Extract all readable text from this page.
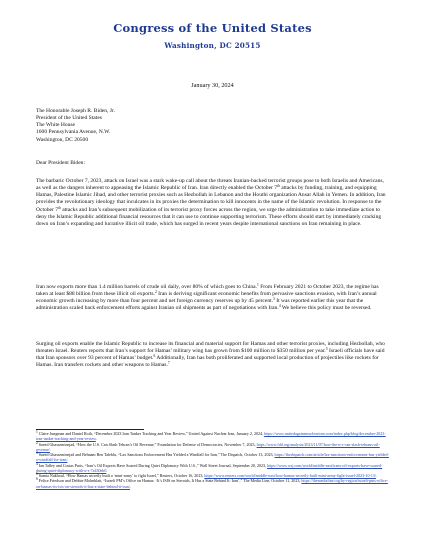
Congress of the United States
Washington, DC 20515
January 30, 2024
The Honorable Joseph R. Biden, Jr.
President of the United States
The White House
1600 Pennsylvania Avenue, N.W.
Washington, DC 20500
Dear President Biden:
The barbaric October 7, 2023, attack on Israel was a stark wake-up call about the threats Iranian-backed terrorist groups pose to both Israelis and Americans, as well as the dangers inherent to appeasing the Islamic Republic of Iran. Iran directly enabled the October 7th attacks by funding, training, and equipping Hamas, Palestine Islamic Jihad, and other terrorist proxies such as Hezbollah in Lebanon and the Houthi organization Ansar Allah in Yemen. In addition, Iran provides the revolutionary ideology that inculcates in its proxies the determination to kill innocents in the name of the Islamic revolution. In response to the October 7th attacks and Iran’s subsequent mobilization of its terrorist proxy forces across the region, we urge the administration to take immediate action to deny the Islamic Republic additional financial resources that it can use to continue supporting terrorism. These efforts should start by immediately cracking down on Iran’s expanding and lucrative illicit oil trade, which has surged in recent years despite international sanctions on Iran remaining in place.
Iran now exports more than 1.4 million barrels of crude oil daily, over 80% of which goes to China.$^1$ From February 2021 to October 2023, the regime has taken at least $88 billion from these illicit oil exports.$^2$ Iran is deriving significant economic benefits from pervasive sanctions evasion, with Iran’s annual economic growth increasing by more than four percent and net foreign currency reserves up by 45 percent.$^3$ It was reported earlier this year that the administration scaled back enforcement efforts against Iranian oil shipments as part of negotiations with Iran.$^4$ We believe this policy must be reversed.
Surging oil exports enable the Islamic Republic to increase its financial and material support for Hamas and other terrorist proxies, including Hezbollah, who threaten Israel. Reuters reports that Iran’s support for Hamas’ military wing has grown from $100 million to $350 million per year.$^5$ Israeli officials have said that Iran sponsors over 93 percent of Hamas’ budget.$^6$ Additionally, Iran has both proliferated and supported local production of projectiles like rockets for Hamas. Iran transfers rockets and other weapons to Hamas.$^7$
$^1$ Claire Jungman and Daniel Roth, “December 2023 Iran Tanker Tracking and Year Review,” United Against Nuclear Iran, January 2, 2024, https://www.unitedagainstnucleariran.com/index.php/blog/december-2023-iran-tanker-tracking-and-year-review.
$^2$ Saeed Ghasseminejad, “How the U.S. Can Slash Tehran’s Oil Revenue,” Foundation for Defense of Democracies, November 7, 2023, https://www.fdd.org/analysis/2023/11/07/how-the-u-s-can-slash-tehrans-oil-revenue/.
$^3$ Saeed Ghasseminejad and Behnam Ben Taleblu, “Lax Sanctions Enforcement Has Yielded a Windfall for Iran,” The Dispatch, October 13, 2023, https://thedispatch.com/article/lax-sanctions-enforcement-has-yielded-a-windfall-for-iran/.
$^4$ Ian Talley and Costas Paris, “Iran’s Oil Exports Have Soared During Quiet Diplomacy With U.S.,” Wall Street Journal, September 20, 2023, https://www.wsj.com/world/middle-east/irans-oil-exports-have-soared-during-quiet-diplomacy-with-u-s-7a430eb0.
$^5$ Samia Nakhoul, “How Hamas secretly built a ‘mini-army’ to fight Israel,” Reuters, October 16, 2023, https://www.reuters.com/world/middle-east/how-hamas-secretly-built-mini-army-fight-israel-2023-10-13/.
$^6$ Felice Friedson and Debbie Mohnblatt, “Israeli PM’s Office on Hamas: ‘It’s ISIS on Steroids, It Has a State Behind It: Iran’,” The Media Line, October 11, 2023, https://themedialine.org/by-region/israeli-pms-office-on-hamas-its-isis-on-steroids-it-has-a-state-behind-it-iran/.
